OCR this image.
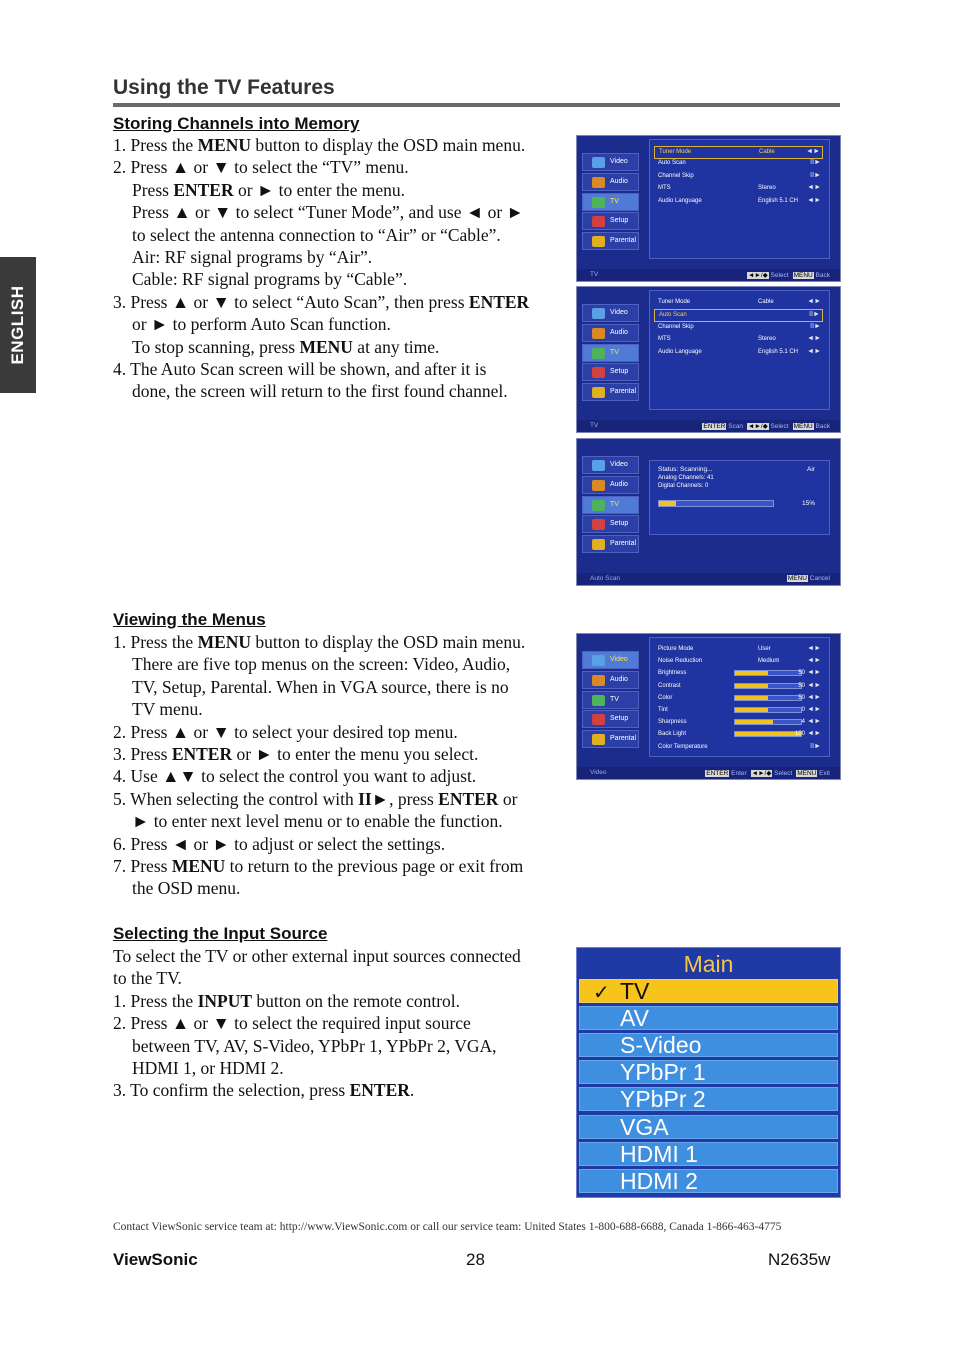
Using the TV Features
ENGLISH
Storing Channels into Memory
1. Press the MENU button to display the OSD main menu.
2. Press ▲ or ▼ to select the “TV” menu.
Press ENTER or ► to enter the menu.
Press ▲ or ▼ to select “Tuner Mode”, and use ◄ or ►
to select the antenna connection to “Air” or “Cable”.
Air: RF signal programs by “Air”.
Cable: RF signal programs by “Cable”.
3. Press ▲ or ▼ to select “Auto Scan”, then press ENTER
or ► to perform Auto Scan function.
To stop scanning, press MENU at any time.
4. The Auto Scan screen will be shown, and after it is
done, the screen will return to the first found channel.
Video
Audio
TV
Setup
Parental
Tuner Mode	Cable	◄►
Auto Scan	II►
Channel Skip	II►
MTS	Stereo	◄►
Audio Language	English 5.1 CH ◄►
TV	◄►/◆ Select MENU Back
Video
Audio
TV
Setup
Parental
Tuner Mode	Cable	◄►
Auto Scan	II►
Channel Skip	II►
MTS	Stereo	◄►
Audio Language	English 5.1 CH ◄►
TV	ENTER Scan ◄►/◆ Select MENU Back
Video
Audio
TV
Setup
Parental
Status: Scanning...	Air
Analog Channels: 41
Digital Channels: 0
15%
Auto Scan	MENU Cancel
Viewing the Menus
1. Press the MENU button to display the OSD main menu.
There are five top menus on the screen: Video, Audio,
TV, Setup, Parental. When in VGA source, there is no
TV menu.
2. Press ▲ or ▼ to select your desired top menu.
3. Press ENTER or ► to enter the menu you select.
4. Use ▲▼ to select the control you want to adjust.
5. When selecting the control with II►, press ENTER or
► to enter next level menu or to enable the function.
6. Press ◄ or ► to adjust or select the settings.
7. Press MENU to return to the previous page or exit from
the OSD menu.
Video
Audio
TV
Setup
Parental
Picture Mode	User	◄►
Noise Reduction	Medium	◄►
Brightness	50 ◄►
Contrast	50 ◄►
Color	50 ◄►
Tint	0 ◄►
Sharpness	4 ◄►
Back Light	100 ◄►
Color Temperature	II►
Video	ENTER Enter ◄►/◆ Select MENU Exit
Selecting the Input Source
To select the TV or other external input sources connected
to the TV.
1. Press the INPUT button on the remote control.
2. Press ▲ or ▼ to select the required input source
between TV, AV, S-Video, YPbPr 1, YPbPr 2, VGA,
HDMI 1, or HDMI 2.
3. To confirm the selection, press ENTER.
Main
✓ TV
AV
S-Video
YPbPr 1
YPbPr 2
VGA
HDMI 1
HDMI 2
Contact ViewSonic service team at: http://www.ViewSonic.com or call our service team: United States 1-800-688-6688, Canada 1-866-463-4775
ViewSonic	28	N2635w
